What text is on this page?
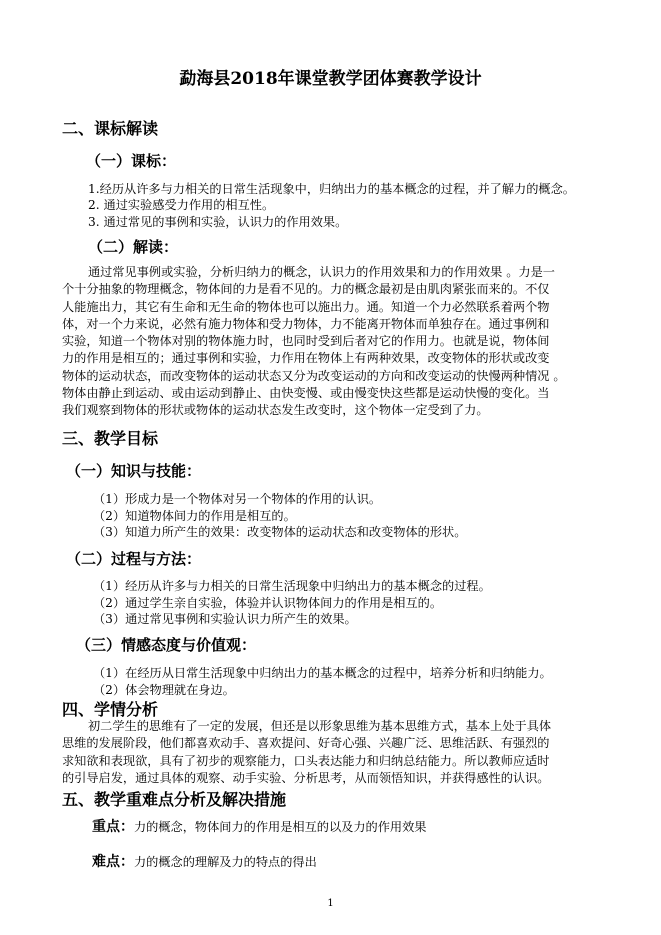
勐海县2018年课堂教学团体赛教学设计
二、课标解读
（一）课标：
1.经历从许多与力相关的日常生活现象中，归纳出力的基本概念的过程，并了解力的概念。
2. 通过实验感受力作用的相互性。
3. 通过常见的事例和实验，认识力的作用效果。
（二）解读：

通过常见事例或实验，分析归纳力的概念，认识力的作用效果和力的作用效果 。力是一

个十分抽象的物理概念，物体间的力是看不见的。力的概念最初是由肌肉紧张而来的。不仅

人能施出力，其它有生命和无生命的物体也可以施出力。通。知道一个力必然联系着两个物

体，对一个力来说，必然有施力物体和受力物体，力不能离开物体而单独存在。通过事例和

实验，知道一个物体对别的物体施力时，也同时受到后者对它的作用力。也就是说，物体间

力的作用是相互的；通过事例和实验，力作用在物体上有两种效果，改变物体的形状或改变

物体的运动状态，而改变物体的运动状态又分为改变运动的方向和改变运动的快慢两种情况 。

物体由静止到运动、或由运动到静止、由快变慢、或由慢变快这些都是运动快慢的变化。当

我们观察到物体的形状或物体的运动状态发生改变时，这个物体一定受到了力。

三、教学目标
（一）知识与技能：
（1）形成力是一个物体对另一个物体的作用的认识。
（2）知道物体间力的作用是相互的。
（3）知道力所产生的效果：改变物体的运动状态和改变物体的形状。
（二）过程与方法：
（1）经历从许多与力相关的日常生活现象中归纳出力的基本概念的过程。
（2）通过学生亲自实验，体验并认识物体间力的作用是相互的。
（3）通过常见事例和实验认识力所产生的效果。
（三）情感态度与价值观：
（1）在经历从日常生活现象中归纳出力的基本概念的过程中，培养分析和归纳能力。
（2）体会物理就在身边。
四、学情分析

初二学生的思维有了一定的发展，但还是以形象思维为基本思维方式，基本上处于具体

思维的发展阶段，他们都喜欢动手、喜欢提问、好奇心强、兴趣广泛、思维活跃、有强烈的

求知欲和表现欲，具有了初步的观察能力，口头表达能力和归纳总结能力。所以教师应适时

的引导启发，通过具体的观察、动手实验、分析思考，从而领悟知识，并获得感性的认识。

五、教学重难点分析及解决措施
重点：力的概念，物体间力的作用是相互的以及力的作用效果
难点：力的概念的理解及力的特点的得出
1
